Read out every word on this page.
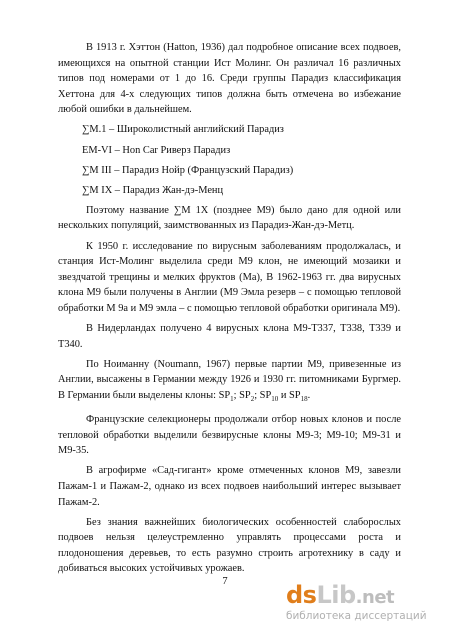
В 1913 г. Хэттон (Hatton, 1936) дал подробное описание всех подвоев, имеющихся на опытной станции Ист Молинг. Он различал 16 различных типов под номерами от 1 до 16. Среди группы Парадиз классификация Хеттона для 4-х следующих типов должна быть отмечена во избежание любой ошибки в дальнейшем.

∑М.1 – Широколистный английский Парадиз

EM-VI – Hon Car Риверз Парадиз

∑M III – Парадиз Нойр (Французский Парадиз)

∑M IX – Парадиз Жан-дэ-Менц

Поэтому название ∑М 1Х (позднее М9) было дано для одной или нескольких популяций, заимствованных из Парадиз-Жан-дэ-Метц.

К 1950 г. исследование по вирусным заболеваниям продолжалась, и станция Ист-Молинг выделила среди М9 клон, не имеющий мозаики и звездчатой трещины и мелких фруктов (Ма), В 1962-1963 гг. два вирусных клона М9 были получены в Англии (М9 Эмла резерв – с помощью тепловой обработки М 9а и М9 эмла – с помощью тепловой обработки оригинала М9).

В Нидерландах получено 4 вирусных клона М9-Т337, Т338, Т339 и Т340.

По Ноиманну (Noumann, 1967) первые партии М9, привезенные из Англии, высажены в Германии между 1926 и 1930 гг. питомниками Бургмер. В Германии были выделены клоны: $SP_1$; $SP_2$; $SP_{10}$ и $SP_{18}$.

Французские селекционеры продолжали отбор новых клонов и после тепловой обработки выделили безвирусные клоны М9-3; М9-10; М9-31 и М9-35.

В агрофирме «Сад-гигант» кроме отмеченных клонов М9, завезли Пажам-1 и Пажам-2, однако из всех подвоев наибольший интерес вызывает Пажам-2.

Без знания важнейших биологических особенностей слаборослых подвоев нельзя целеустремленно управлять процессами роста и плодоношения деревьев, то есть разумно строить агротехнику в саду и добиваться высоких устойчивых урожаев.

7	dsLib.net
библиотека диссертаций
